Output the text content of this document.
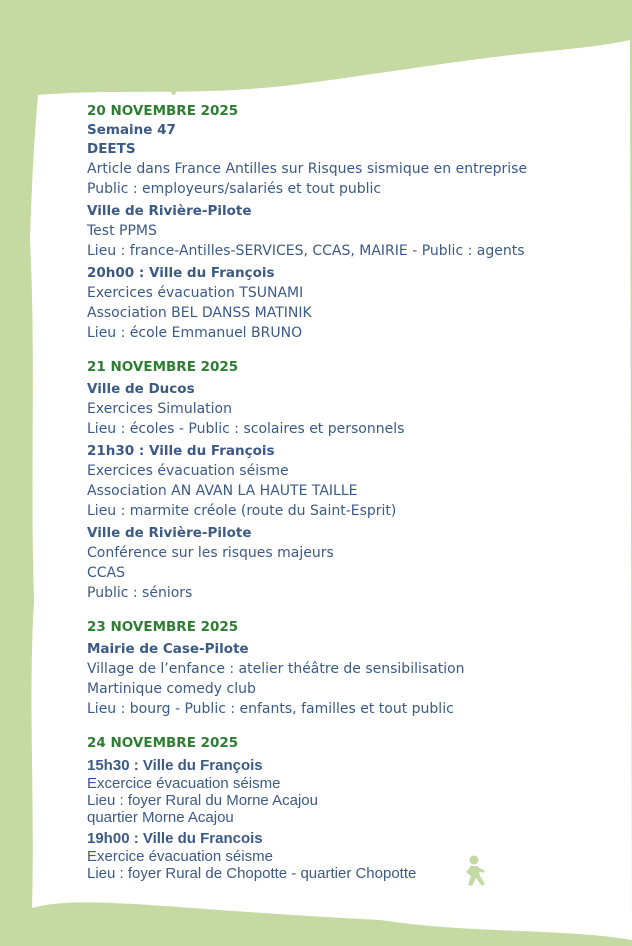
20 NOVEMBRE 2025
Semaine 47
DEETS
Article dans France Antilles sur Risques sismique en entreprise
Public : employeurs/salariés et tout public
Ville de Rivière-Pilote
Test PPMS
Lieu : france-Antilles-SERVICES, CCAS, MAIRIE - Public : agents
20h00 : Ville du François
Exercices évacuation TSUNAMI
Association BEL DANSS MATINIK
Lieu : école Emmanuel BRUNO
21 NOVEMBRE 2025
Ville de Ducos
Exercices Simulation
Lieu : écoles - Public : scolaires et personnels
21h30 : Ville du François
Exercices évacuation séisme
Association AN AVAN LA HAUTE TAILLE
Lieu : marmite créole (route du Saint-Esprit)
Ville de Rivière-Pilote
Conférence sur les risques majeurs
CCAS
Public : séniors
23 NOVEMBRE 2025
Mairie de Case-Pilote
Village de l’enfance : atelier théâtre de sensibilisation
Martinique comedy club
Lieu : bourg - Public : enfants, familles et tout public
24 NOVEMBRE 2025
15h30 : Ville du François
Excercice évacuation séisme
Lieu : foyer Rural du Morne Acajou
quartier Morne Acajou
19h00 : Ville du Francois
Exercice évacuation séisme
Lieu : foyer Rural de Chopotte - quartier Chopotte
